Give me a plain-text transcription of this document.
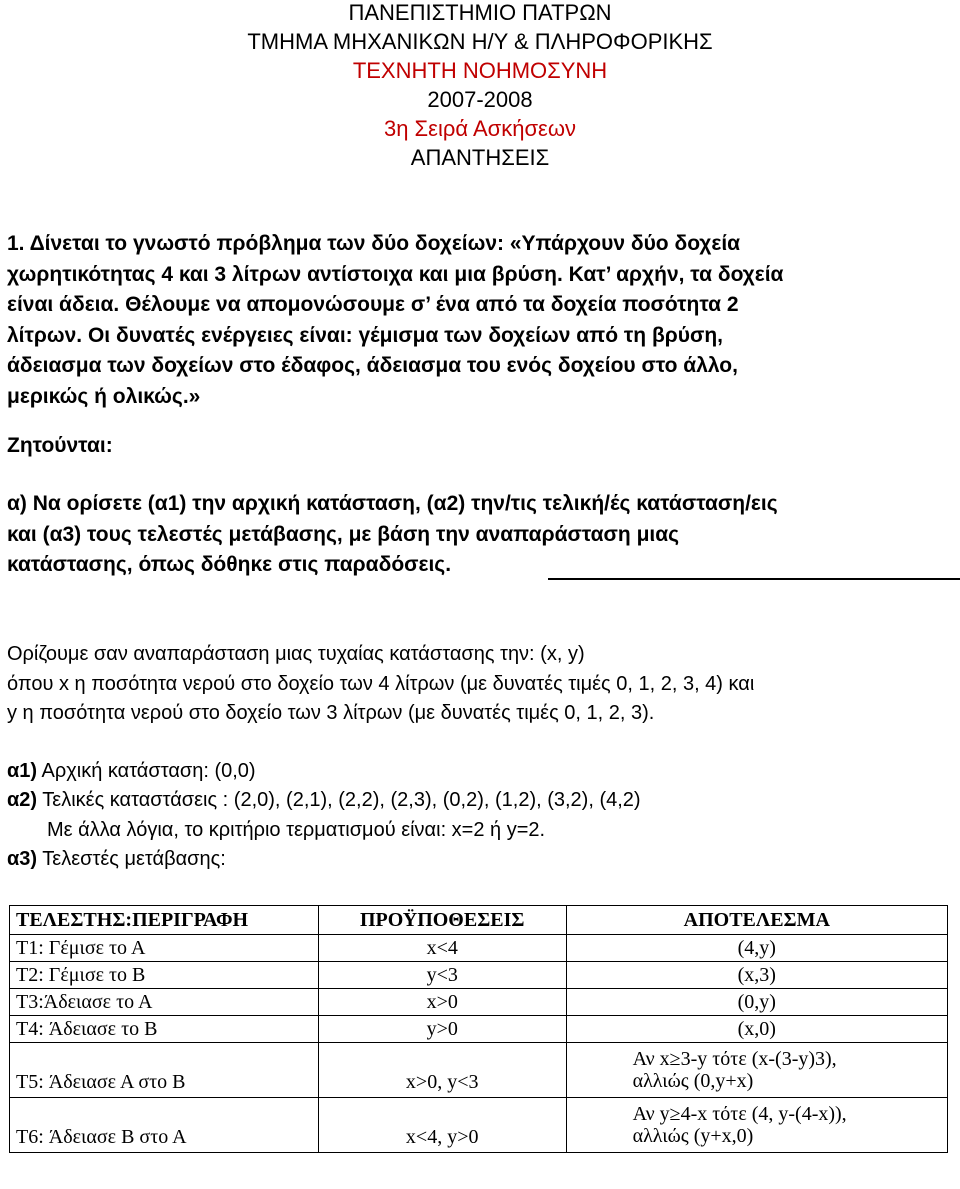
ΠΑΝΕΠΙΣΤΗΜΙΟ ΠΑΤΡΩΝ
ΤΜΗΜΑ ΜΗΧΑΝΙΚΩΝ Η/Υ & ΠΛΗΡΟΦΟΡΙΚΗΣ
ΤΕΧΝΗΤΗ ΝΟΗΜΟΣΥΝΗ
2007-2008
3η Σειρά Ασκήσεων
ΑΠΑΝΤΗΣΕΙΣ

1. Δίνεται το γνωστό πρόβλημα των δύο δοχείων: «Υπάρχουν δύο δοχεία

χωρητικότητας 4 και 3 λίτρων αντίστοιχα και μια βρύση. Κατ’ αρχήν, τα δοχεία

είναι άδεια. Θέλουμε να απομονώσουμε σ’ ένα από τα δοχεία ποσότητα 2

λίτρων. Οι δυνατές ενέργειες είναι: γέμισμα των δοχείων από τη βρύση,

άδειασμα των δοχείων στο έδαφος, άδειασμα του ενός δοχείου στο άλλο,

μερικώς ή ολικώς.»

Ζητούνται:
α) Να ορίσετε (α1) την αρχική κατάσταση, (α2) την/τις τελική/ές κατάσταση/εις
και (α3) τους τελεστές μετάβασης, με βάση την αναπαράσταση μιας
κατάστασης, όπως δόθηκε στις παραδόσεις.

Ορίζουμε σαν αναπαράσταση μιας τυχαίας κατάστασης την: (x, y)

όπου x η ποσότητα νερού στο δοχείο των 4 λίτρων (με δυνατές τιμές 0, 1, 2, 3, 4) και

y η ποσότητα νερού στο δοχείο των 3 λίτρων (με δυνατές τιμές 0, 1, 2, 3).

α1) Αρχική κατάσταση: (0,0)

α2) Τελικές καταστάσεις : (2,0), (2,1), (2,2), (2,3), (0,2), (1,2), (3,2), (4,2)

Με άλλα λόγια, το κριτήριο τερματισμού είναι: x=2 ή y=2.

α3) Τελεστές μετάβασης:

ΤΕΛΕΣΤΗΣ:ΠΕΡΙΓΡΑΦΗ	ΠΡΟΫΠΟΘΕΣΕΙΣ	ΑΠΟΤΕΛΕΣΜΑ
T1: Γέμισε το Α	x<4	(4,y)
T2: Γέμισε το Β	y<3	(x,3)
T3:Άδειασε το Α	x>0	(0,y)
T4: Άδειασε το Β	y>0	(x,0)
T5: Άδειασε Α στο Β	x>0, y<3	Αν x≥3-y τότε (x-(3-y)3),
αλλιώς (0,y+x)

T6: Άδειασε Β στο Α	x<4, y>0	Αν y≥4-x τότε (4, y-(4-x)),
αλλιώς (y+x,0)
